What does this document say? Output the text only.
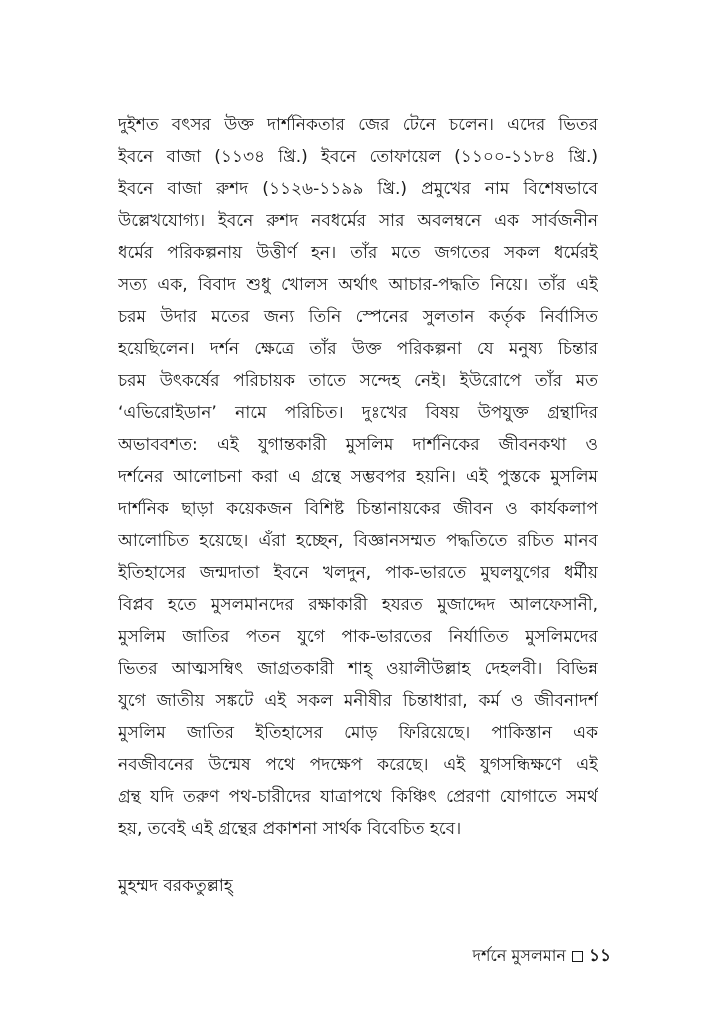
দুইশত বৎসর উক্ত দার্শনিকতার জের টেনে চলেন। এদের ভিতর
ইবনে বাজা (১১৩৪ খ্রি.) ইবনে তোফায়েল (১১০০-১১৮৪ খ্রি.)
ইবনে বাজা রুশদ (১১২৬-১১৯৯ খ্রি.) প্রমুখের নাম বিশেষভাবে
উল্লেখযোগ্য। ইবনে রুশদ নবধর্মের সার অবলম্বনে এক সার্বজনীন
ধর্মের পরিকল্পনায় উত্তীর্ণ হন। তাঁর মতে জগতের সকল ধর্মেরই
সত্য এক, বিবাদ শুধু খোলস অর্থাৎ আচার-পদ্ধতি নিয়ে। তাঁর এই
চরম উদার মতের জন্য তিনি স্পেনের সুলতান কর্তৃক নির্বাসিত
হয়েছিলেন। দর্শন ক্ষেত্রে তাঁর উক্ত পরিকল্পনা যে মনুষ্য চিন্তার
চরম উৎকর্ষের পরিচায়ক তাতে সন্দেহ নেই। ইউরোপে তাঁর মত
‘এভিরোইডান’ নামে পরিচিত। দুঃখের বিষয় উপযুক্ত গ্রন্থাদির
অভাববশত: এই যুগান্তকারী মুসলিম দার্শনিকের জীবনকথা ও
দর্শনের আলোচনা করা এ গ্রন্থে সম্ভবপর হয়নি। এই পুস্তকে মুসলিম
দার্শনিক ছাড়া কয়েকজন বিশিষ্ট চিন্তানায়কের জীবন ও কার্যকলাপ
আলোচিত হয়েছে। এঁরা হচ্ছেন, বিজ্ঞানসম্মত পদ্ধতিতে রচিত মানব
ইতিহাসের জন্মদাতা ইবনে খলদুন, পাক-ভারতে মুঘলযুগের ধর্মীয়
বিপ্লব হতে মুসলমানদের রক্ষাকারী হযরত মুজাদ্দেদ আলফেসানী,
মুসলিম জাতির পতন যুগে পাক-ভারতের নির্যাতিত মুসলিমদের
ভিতর আত্মসম্বিৎ জাগ্রতকারী শাহ্ ওয়ালীউল্লাহ দেহলবী। বিভিন্ন
যুগে জাতীয় সঙ্কটে এই সকল মনীষীর চিন্তাধারা, কর্ম ও জীবনাদর্শ
মুসলিম জাতির ইতিহাসের মোড় ফিরিয়েছে। পাকিস্তান এক
নবজীবনের উন্মেষ পথে পদক্ষেপ করেছে। এই যুগসন্ধিক্ষণে এই
গ্রন্থ যদি তরুণ পথ-চারীদের যাত্রাপথে কিঞ্চিৎ প্রেরণা যোগাতে সমর্থ
হয়, তবেই এই গ্রন্থের প্রকাশনা সার্থক বিবেচিত হবে।
মুহম্মদ বরকতুল্লাহ্
দর্শনে মুসলমান ১১
